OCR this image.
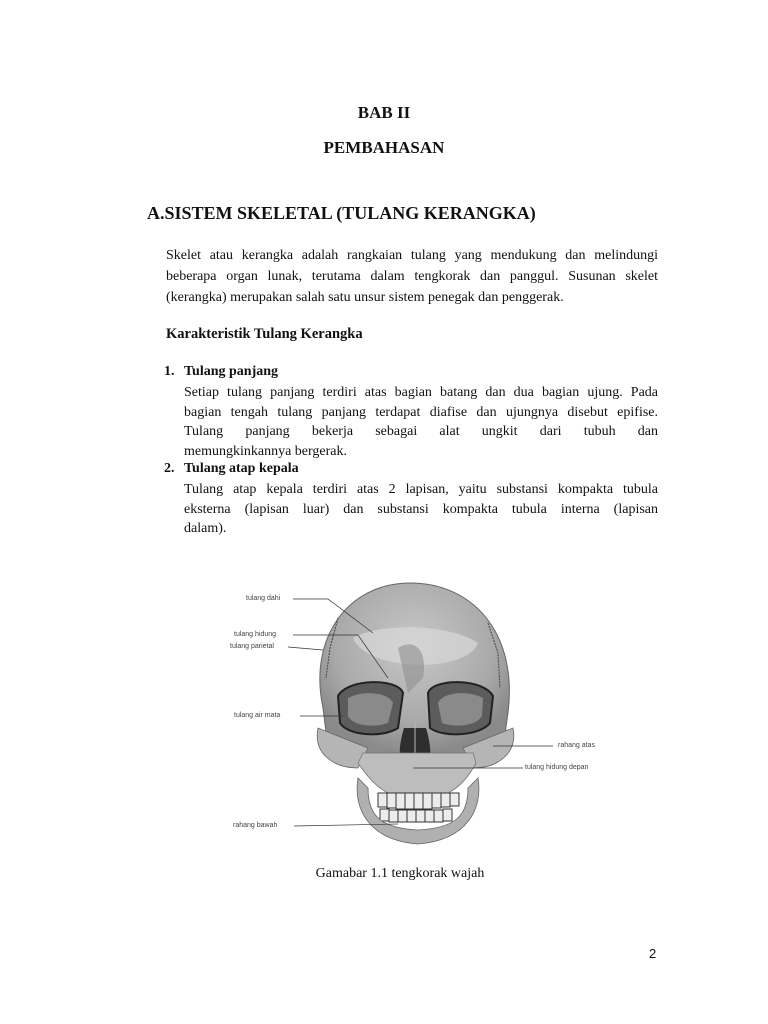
BAB II
PEMBAHASAN
A.SISTEM SKELETAL (TULANG KERANGKA)
Skelet atau kerangka adalah rangkaian tulang yang mendukung dan melindungi
beberapa organ lunak, terutama dalam tengkorak dan panggul. Susunan skelet
(kerangka) merupakan salah satu unsur sistem penegak dan penggerak.
Karakteristik Tulang Kerangka
1. Tulang panjang
Setiap tulang panjang terdiri atas bagian batang dan dua bagian ujung. Pada
bagian tengah tulang panjang terdapat diafise dan ujungnya disebut epifise.
Tulang panjang bekerja sebagai alat ungkit dari tubuh dan
memungkinkannya bergerak.
2. Tulang atap kepala
Tulang atap kepala terdiri atas 2 lapisan, yaitu substansi kompakta tubula
eksterna (lapisan luar) dan substansi kompakta tubula interna (lapisan
dalam).
tulang dahi
tulang hidung
tulang parietal
tulang air mata
rahang atas
tulang hidung depan
rahang bawah
Gamabar 1.1 tengkorak wajah
2
